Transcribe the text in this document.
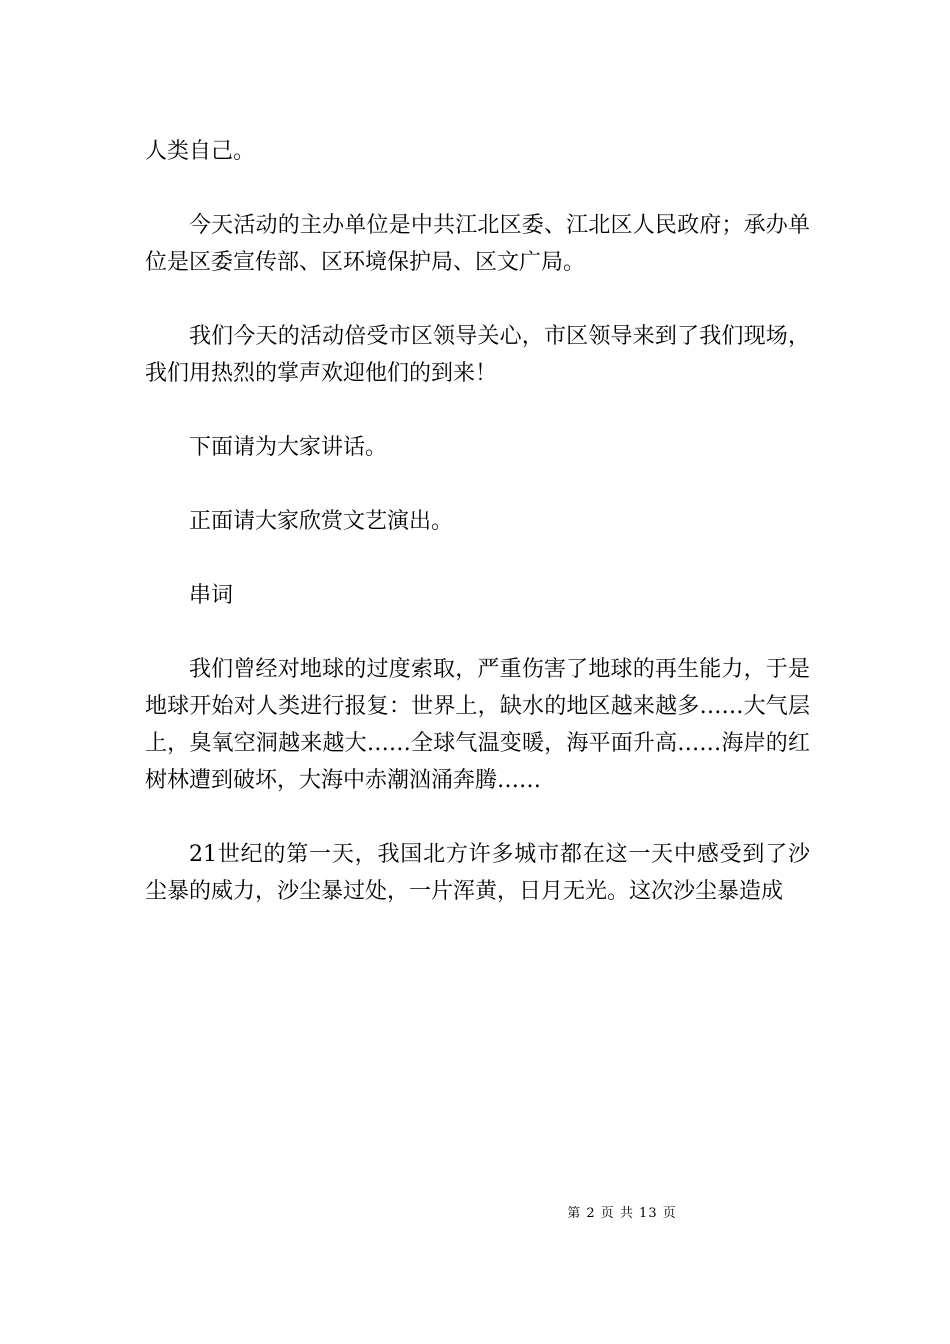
人类自己。

今天活动的主办单位是中共江北区委、江北区人民政府；承办单位是区委宣传部、区环境保护局、区文广局。

我们今天的活动倍受市区领导关心，市区领导来到了我们现场，我们用热烈的掌声欢迎他们的到来！

下面请为大家讲话。

正面请大家欣赏文艺演出。

串词

我们曾经对地球的过度索取，严重伤害了地球的再生能力，于是地球开始对人类进行报复：世界上，缺水的地区越来越多……大气层上，臭氧空洞越来越大……全球气温变暖，海平面升高……海岸的红树林遭到破坏，大海中赤潮汹涌奔腾……

21世纪的第一天，我国北方许多城市都在这一天中感受到了沙尘暴的威力，沙尘暴过处，一片浑黄，日月无光。这次沙尘暴造成

第 2 页 共 13 页
